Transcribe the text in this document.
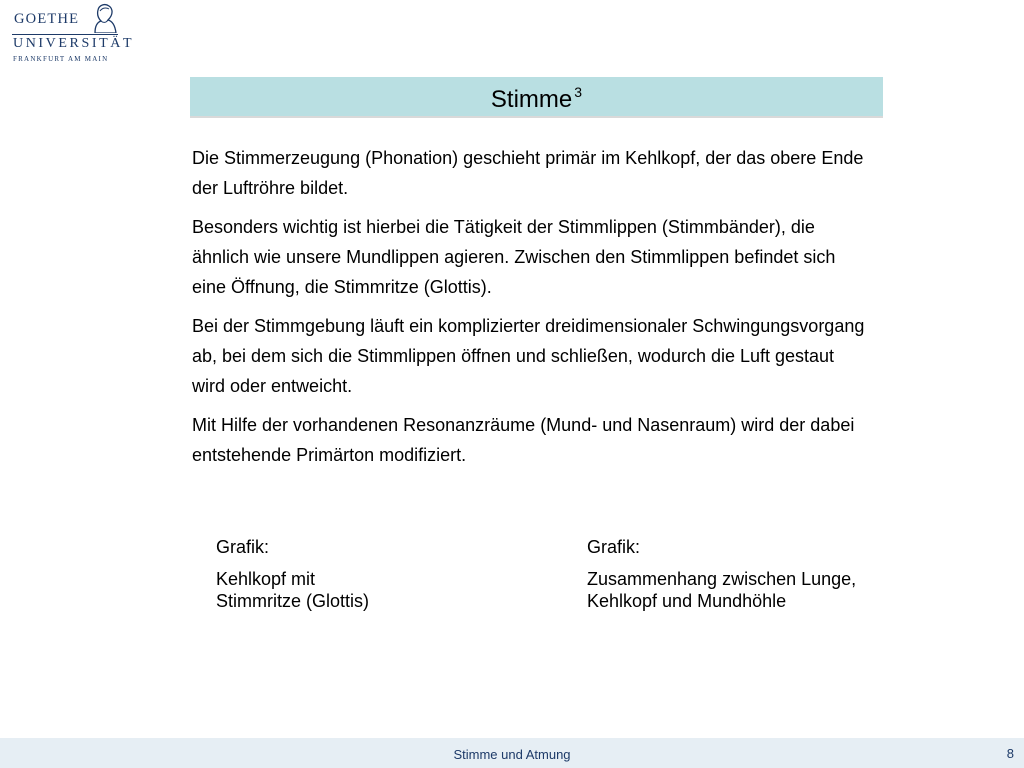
GOETHE
UNIVERSITÄT
FRANKFURT AM MAIN
Stimme $^3$

Die Stimmerzeugung (Phonation) geschieht primär im Kehlkopf, der das obere Ende der Luftröhre bildet.

Besonders wichtig ist hierbei die Tätigkeit der Stimmlippen (Stimmbänder), die ähnlich wie unsere Mundlippen agieren. Zwischen den Stimmlippen befindet sich eine Öffnung, die Stimmritze (Glottis).

Bei der Stimmgebung läuft ein komplizierter dreidimensionaler Schwingungsvorgang ab, bei dem sich die Stimmlippen öffnen und schließen, wodurch die Luft gestaut wird oder entweicht.

Mit Hilfe der vorhandenen Resonanzräume (Mund- und Nasenraum) wird der dabei entstehende Primärton modifiziert.

Grafik:
Kehlkopf mit
Stimmritze (Glottis)
Grafik:
Zusammenhang zwischen Lunge,
Kehlkopf und Mundhöhle
Stimme und Atmung	8
